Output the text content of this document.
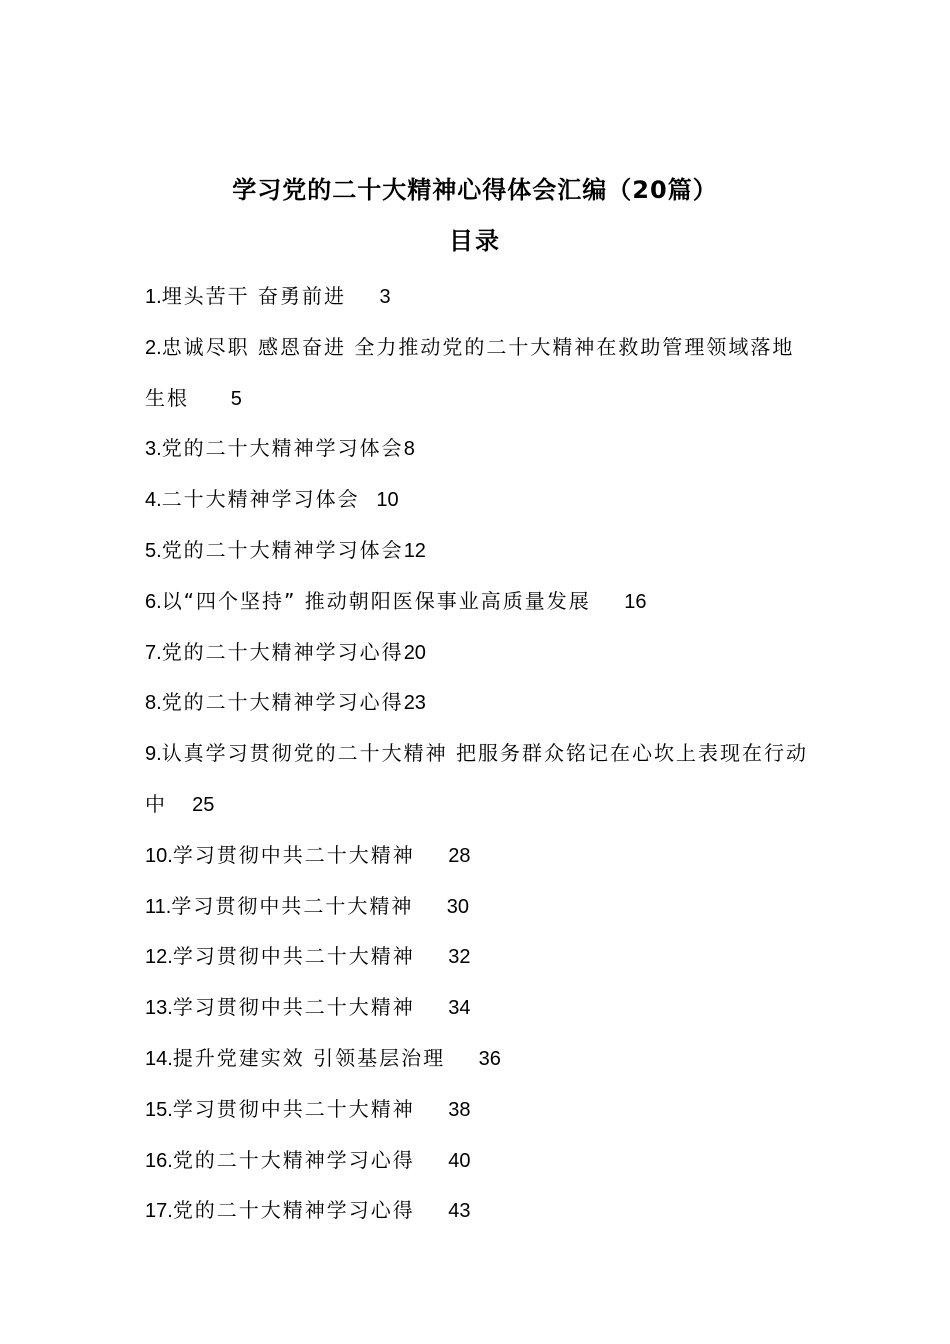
学习党的二十大精神心得体会汇编（20篇）
目录
1.埋头苦干 奋勇前进 3
2.忠诚尽职 感恩奋进 全力推动党的二十大精神在救助管理领域落地生根 5
3.党的二十大精神学习体会8
4.二十大精神学习体会 10
5.党的二十大精神学习体会12
6.以“四个坚持” 推动朝阳医保事业高质量发展 16
7.党的二十大精神学习心得20
8.党的二十大精神学习心得23
9.认真学习贯彻党的二十大精神 把服务群众铭记在心坎上表现在行动中 25
10.学习贯彻中共二十大精神 28
11.学习贯彻中共二十大精神 30
12.学习贯彻中共二十大精神 32
13.学习贯彻中共二十大精神 34
14.提升党建实效 引领基层治理 36
15.学习贯彻中共二十大精神 38
16.党的二十大精神学习心得 40
17.党的二十大精神学习心得 43
